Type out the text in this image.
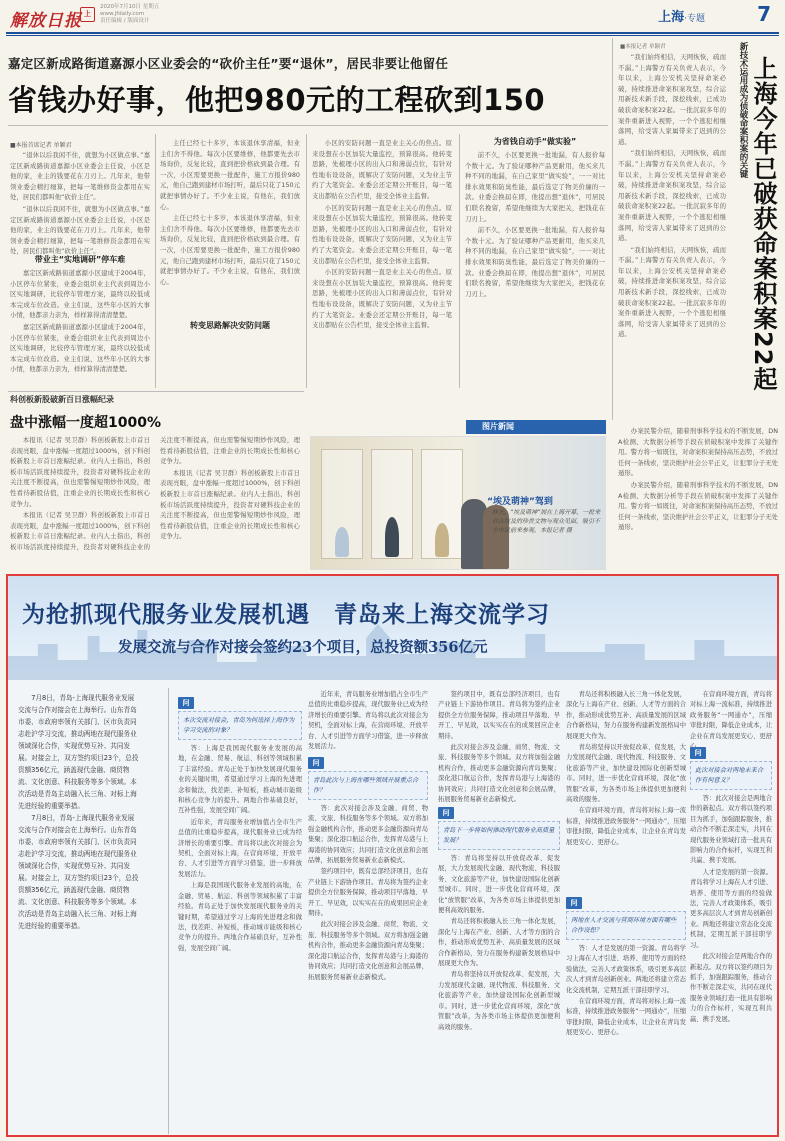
解放日报 上
2020年7月10日 星期五
www.jfdaily.com
责任编辑 / 版面设计	上海·专题	7
嘉定区新成路街道嘉源小区业委会的“砍价主任”要“退休”，居民非要让他留任
省钱办好事，他把980元的工程砍到150
■本报首席记者 单颖君

“退休以后我闲不住，就想为小区做点事。”嘉定区新成路街道嘉源小区业委会主任说，小区是他的家，业主的钱要花在刀刃上。几年来，他带领业委会精打细算，把每一笔维修资金都用在实处，居民们都叫他“砍价主任”。

“退休以后我闲不住，就想为小区做点事。”嘉定区新成路街道嘉源小区业委会主任说，小区是他的家，业主的钱要花在刀刃上。几年来，他带领业委会精打细算，把每一笔维修资金都用在实处，居民们都叫他“砍价主任”。

带业主“实地调研”停车难

嘉定区新成路街道嘉源小区建成于2004年，小区停车位紧张，业委会组织业主代表到周边小区实地调研，比较停车管理方案，最终以较低成本完成车位改造。业主们说，这些年小区的大事小情，他都亲力亲为，样样算得清清楚楚。

嘉定区新成路街道嘉源小区建成于2004年，小区停车位紧张，业委会组织业主代表到周边小区实地调研，比较停车管理方案，最终以较低成本完成车位改造。业主们说，这些年小区的大事小情，他都亲力亲为，样样算得清清楚楚。

主任已经七十多岁，本该退休享清福，但业主们舍不得他。每次小区要维修，他都要先去市场询价，反复比较，直到把价格砍到最合理。有一次，小区需要更换一批配件，施工方报价980元，他自己跑到建材市场打听，最后只花了150元就把事情办好了。不少业主说，有他在，我们放心。

主任已经七十多岁，本该退休享清福，但业主们舍不得他。每次小区要维修，他都要先去市场询价，反复比较，直到把价格砍到最合理。有一次，小区需要更换一批配件，施工方报价980元，他自己跑到建材市场打听，最后只花了150元就把事情办好了。不少业主说，有他在，我们放心。

转变思路解决安防问题

小区的安防问题一直是业主关心的焦点。原来设想在小区加装大量监控，预算很高。他转变思路，先梳理小区的出入口和薄弱点位，有针对性地布设设备，既解决了安防问题，又为业主节约了大笔资金。业委会还定期公开账目，每一笔支出都贴在公告栏里，接受全体业主监督。

小区的安防问题一直是业主关心的焦点。原来设想在小区加装大量监控，预算很高。他转变思路，先梳理小区的出入口和薄弱点位，有针对性地布设设备，既解决了安防问题，又为业主节约了大笔资金。业委会还定期公开账目，每一笔支出都贴在公告栏里，接受全体业主监督。

小区的安防问题一直是业主关心的焦点。原来设想在小区加装大量监控，预算很高。他转变思路，先梳理小区的出入口和薄弱点位，有针对性地布设设备，既解决了安防问题，又为业主节约了大笔资金。业委会还定期公开账目，每一笔支出都贴在公告栏里，接受全体业主监督。

为省钱自动手“做实验”

前不久，小区要更换一批地漏，有人报价每个数十元。为了验证哪种产品更耐用，他买来几种不同的地漏，在自己家里“做实验”，一一对比排水效果和防臭性能，最后选定了物美价廉的一款。业委会换届在即，他提出想“退休”，可居民们联名挽留，希望他继续为大家把关，把钱花在刀刃上。

前不久，小区要更换一批地漏，有人报价每个数十元。为了验证哪种产品更耐用，他买来几种不同的地漏，在自己家里“做实验”，一一对比排水效果和防臭性能，最后选定了物美价廉的一款。业委会换届在即，他提出想“退休”，可居民们联名挽留，希望他继续为大家把关，把钱花在刀刃上。

科创板新股破新百日涨幅纪录
盘中涨幅一度超1000%

本报讯（记者 吴卫群）科创板新股上市首日表现亮眼，盘中涨幅一度超过1000%，创下科创板新股上市首日涨幅纪录。业内人士指出，科创板市场活跃度持续提升，投资者对硬科技企业的关注度不断提高，但也需警惕短期炒作风险，理性看待新股估值，注重企业的长期成长性和核心竞争力。

本报讯（记者 吴卫群）科创板新股上市首日表现亮眼，盘中涨幅一度超过1000%，创下科创板新股上市首日涨幅纪录。业内人士指出，科创板市场活跃度持续提升，投资者对硬科技企业的关注度不断提高，但也需警惕短期炒作风险，理性看待新股估值，注重企业的长期成长性和核心竞争力。

本报讯（记者 吴卫群）科创板新股上市首日表现亮眼，盘中涨幅一度超过1000%，创下科创板新股上市首日涨幅纪录。业内人士指出，科创板市场活跃度持续提升，投资者对硬科技企业的关注度不断提高，但也需警惕短期炒作风险，理性看待新股估值，注重企业的长期成长性和核心竞争力。

图片新闻
“埃及萌神”驾到
昨天，“埃及萌神”展在上海开幕，一批来自古埃及的珍贵文物与观众见面，吸引不少市民前来参观。本报记者 摄
■本报记者 单颖君

“我们始终相信，天网恢恢，疏而不漏。”上海警方有关负责人表示，今年以来，上海公安机关坚持命案必破，持续推进命案积案攻坚，综合运用新技术新手段，深挖线索，已成功破获命案积案22起。一批沉寂多年的案件重新进入视野，一个个逃犯相继落网，给受害人家属带来了迟到的公道。

“我们始终相信，天网恢恢，疏而不漏。”上海警方有关负责人表示，今年以来，上海公安机关坚持命案必破，持续推进命案积案攻坚，综合运用新技术新手段，深挖线索，已成功破获命案积案22起。一批沉寂多年的案件重新进入视野，一个个逃犯相继落网，给受害人家属带来了迟到的公道。

“我们始终相信，天网恢恢，疏而不漏。”上海警方有关负责人表示，今年以来，上海公安机关坚持命案必破，持续推进命案积案攻坚，综合运用新技术新手段，深挖线索，已成功破获命案积案22起。一批沉寂多年的案件重新进入视野，一个个逃犯相继落网，给受害人家属带来了迟到的公道。

新技术运用成为侦破命案积案的关键 上海今年已破获命案积案22起

办案民警介绍，随着刑事科学技术的不断发展，DNA检测、大数据分析等手段在侦破积案中发挥了关键作用。警方将一如既往，对命案积案保持高压态势，不放过任何一条线索，坚决维护社会公平正义，让犯罪分子无处遁形。

办案民警介绍，随着刑事科学技术的不断发展，DNA检测、大数据分析等手段在侦破积案中发挥了关键作用。警方将一如既往，对命案积案保持高压态势，不放过任何一条线索，坚决维护社会公平正义，让犯罪分子无处遁形。

为抢抓现代服务业发展机遇　青岛来上海交流学习
发展交流与合作对接会签约23个项目，总投资额356亿元

7月8日，青岛-上海现代服务业发展交流与合作对接会在上海举行。山东青岛市委、市政府率领有关部门、区市负责同志赴沪学习交流，推动两地在现代服务业领域深化合作，实现优势互补、共同发展。对接会上，双方签约项目23个，总投资额356亿元，涵盖现代金融、商贸物流、文化创意、科技服务等多个领域。本次活动是青岛主动融入长三角、对标上海先进经验的重要举措。

7月8日，青岛-上海现代服务业发展交流与合作对接会在上海举行。山东青岛市委、市政府率领有关部门、区市负责同志赴沪学习交流，推动两地在现代服务业领域深化合作，实现优势互补、共同发展。对接会上，双方签约项目23个，总投资额356亿元，涵盖现代金融、商贸物流、文化创意、科技服务等多个领域。本次活动是青岛主动融入长三角、对标上海先进经验的重要举措。

问
本次交流对接会，青岛为何选择上海作为学习交流的对象？

答：上海是我国现代服务业发展的高地，在金融、贸易、航运、科创等领域积累了丰富经验。青岛正处于加快发展现代服务业的关键时期，希望通过学习上海的先进理念和做法，找差距、补短板，推动城市能级和核心竞争力的提升。两地合作基础良好，互补性强，发展空间广阔。

近年来，青岛服务业增加值占全市生产总值的比重稳步提高，现代服务业已成为经济增长的重要引擎。青岛将以此次对接会为契机，全面对标上海，在营商环境、开放平台、人才引进等方面学习借鉴，进一步释放发展活力。

上海是我国现代服务业发展的高地，在金融、贸易、航运、科创等领域积累了丰富经验。青岛正处于加快发展现代服务业的关键时期，希望通过学习上海的先进理念和做法，找差距、补短板，推动城市能级和核心竞争力的提升。两地合作基础良好，互补性强，发展空间广阔。

近年来，青岛服务业增加值占全市生产总值的比重稳步提高，现代服务业已成为经济增长的重要引擎。青岛将以此次对接会为契机，全面对标上海，在营商环境、开放平台、人才引进等方面学习借鉴，进一步释放发展活力。

问
青岛此次与上海在哪些领域开展重点合作？

答：此次对接会涉及金融、商贸、物流、文旅、科技服务等多个领域。双方将加强金融机构合作，推动更多金融资源向青岛集聚；深化港口航运合作，发挥青岛港与上海港的协同效应；共同打造文化创意和会展品牌，拓展服务贸易新业态新模式。

签约项目中，既有总部经济项目，也有产业链上下游协作项目。青岛将为签约企业提供全方位服务保障，推动项目早落地、早开工、早见效，以实实在在的成果回应企业期待。

此次对接会涉及金融、商贸、物流、文旅、科技服务等多个领域。双方将加强金融机构合作，推动更多金融资源向青岛集聚；深化港口航运合作，发挥青岛港与上海港的协同效应；共同打造文化创意和会展品牌，拓展服务贸易新业态新模式。

签约项目中，既有总部经济项目，也有产业链上下游协作项目。青岛将为签约企业提供全方位服务保障，推动项目早落地、早开工、早见效，以实实在在的成果回应企业期待。

此次对接会涉及金融、商贸、物流、文旅、科技服务等多个领域。双方将加强金融机构合作，推动更多金融资源向青岛集聚；深化港口航运合作，发挥青岛港与上海港的协同效应；共同打造文化创意和会展品牌，拓展服务贸易新业态新模式。

问
青岛下一步将如何推动现代服务业高质量发展？

答：青岛将坚持以开放促改革、促发展，大力发展现代金融、现代物流、科技服务、文化旅游等产业，加快建设国际化创新型城市。同时，进一步优化营商环境，深化“放管服”改革，为各类市场主体提供更加便利高效的服务。

青岛还将积极融入长三角一体化发展，深化与上海在产业、创新、人才等方面的合作，推动形成优势互补、高质量发展的区域合作新格局，努力在服务构建新发展格局中展现更大作为。

青岛将坚持以开放促改革、促发展，大力发展现代金融、现代物流、科技服务、文化旅游等产业，加快建设国际化创新型城市。同时，进一步优化营商环境，深化“放管服”改革，为各类市场主体提供更加便利高效的服务。

青岛还将积极融入长三角一体化发展，深化与上海在产业、创新、人才等方面的合作，推动形成优势互补、高质量发展的区域合作新格局，努力在服务构建新发展格局中展现更大作为。

青岛将坚持以开放促改革、促发展，大力发展现代金融、现代物流、科技服务、文化旅游等产业，加快建设国际化创新型城市。同时，进一步优化营商环境，深化“放管服”改革，为各类市场主体提供更加便利高效的服务。

在营商环境方面，青岛将对标上海一流标准，持续推进政务服务“一网通办”，压缩审批时限，降低企业成本，让企业在青岛发展更安心、更舒心。

问
两地在人才交流与营商环境方面有哪些合作设想？

答：人才是发展的第一资源。青岛将学习上海在人才引进、培养、使用等方面的经验做法，完善人才政策体系，吸引更多高层次人才到青岛创新创业。两地还将建立常态化交流机制，定期互派干部挂职学习。

在营商环境方面，青岛将对标上海一流标准，持续推进政务服务“一网通办”，压缩审批时限，降低企业成本，让企业在青岛发展更安心、更舒心。

在营商环境方面，青岛将对标上海一流标准，持续推进政务服务“一网通办”，压缩审批时限，降低企业成本，让企业在青岛发展更安心、更舒

问
此次对接会对两地未来合作有何意义？

答：此次对接会是两地合作的新起点。双方将以签约项目为抓手，加强跟踪服务，推动合作不断走深走实，共同在现代服务业领域打造一批具有影响力的合作标杆，实现互利共赢、携手发展。

人才是发展的第一资源。青岛将学习上海在人才引进、培养、使用等方面的经验做法，完善人才政策体系，吸引更多高层次人才到青岛创新创业。两地还将建立常态化交流机制，定期互派干部挂职学习。

此次对接会是两地合作的新起点。双方将以签约项目为抓手，加强跟踪服务，推动合作不断走深走实，共同在现代服务业领域打造一批具有影响力的合作标杆，实现互利共赢、携手发展。
